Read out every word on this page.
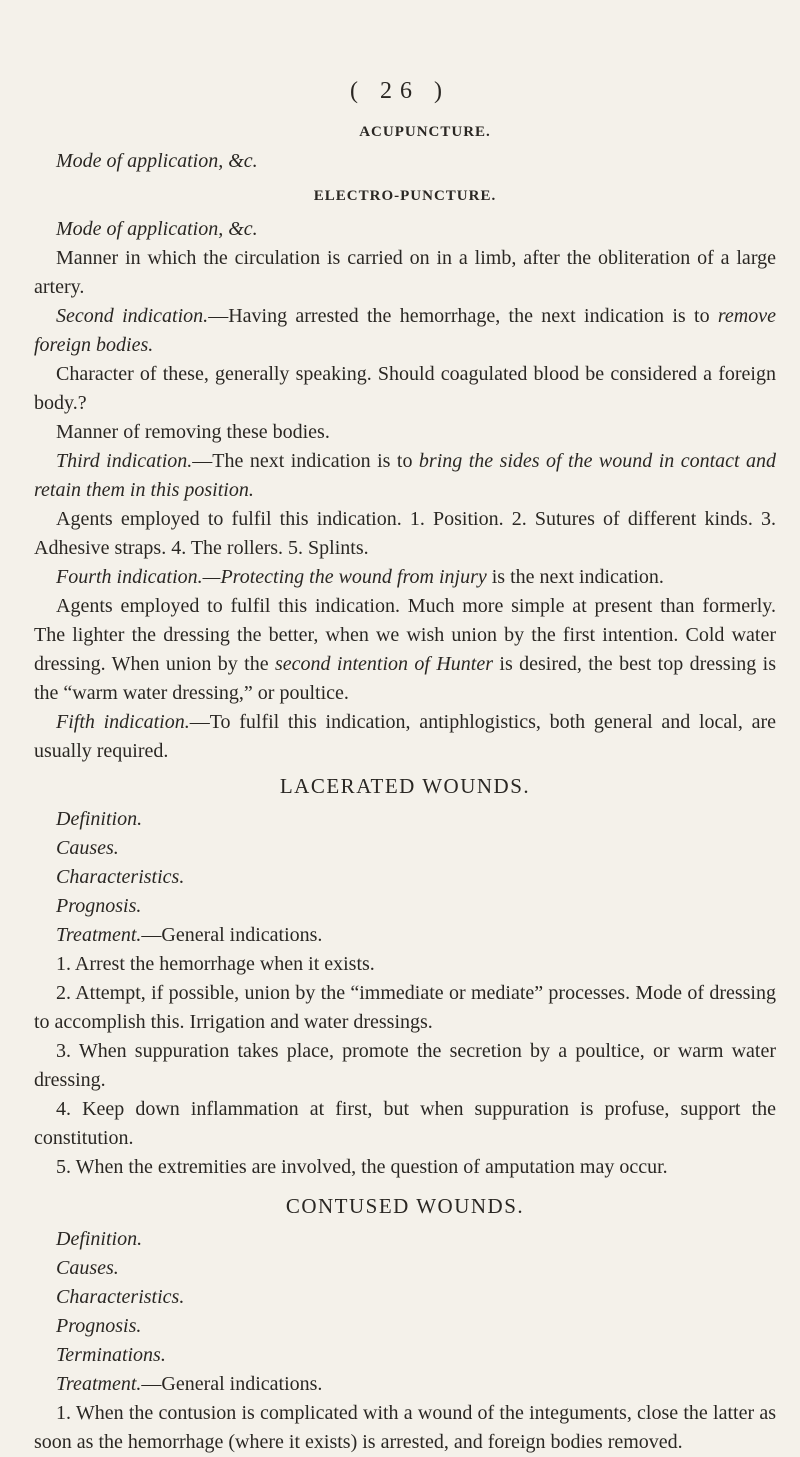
( 26 )
ACUPUNCTURE.

Mode of application, &c.

ELECTRO-PUNCTURE.

Mode of application, &c.

Manner in which the circulation is carried on in a limb, after the obliteration of a large artery.

Second indication.—Having arrested the hemorrhage, the next indication is to remove foreign bodies.

Character of these, generally speaking. Should coagulated blood be considered a foreign body.?

Manner of removing these bodies.

Third indication.—The next indication is to bring the sides of the wound in contact and retain them in this position.

Agents employed to fulfil this indication. 1. Position. 2. Sutures of different kinds. 3. Adhesive straps. 4. The rollers. 5. Splints.

Fourth indication.—Protecting the wound from injury is the next indication.

Agents employed to fulfil this indication. Much more simple at present than formerly. The lighter the dressing the better, when we wish union by the first intention. Cold water dressing. When union by the second intention of Hunter is desired, the best top dressing is the “warm water dressing,” or poultice.

Fifth indication.—To fulfil this indication, antiphlogistics, both general and local, are usually required.

LACERATED WOUNDS.

Definition.

Causes.

Characteristics.

Prognosis.

Treatment.—General indications.

1. Arrest the hemorrhage when it exists.

2. Attempt, if possible, union by the “immediate or mediate” processes. Mode of dressing to accomplish this. Irrigation and water dressings.

3. When suppuration takes place, promote the secretion by a poultice, or warm water dressing.

4. Keep down inflammation at first, but when suppuration is profuse, support the constitution.

5. When the extremities are involved, the question of amputation may occur.

CONTUSED WOUNDS.

Definition.

Causes.

Characteristics.

Prognosis.

Terminations.

Treatment.—General indications.

1. When the contusion is complicated with a wound of the integuments, close the latter as soon as the hemorrhage (where it exists) is arrested, and foreign bodies removed.
